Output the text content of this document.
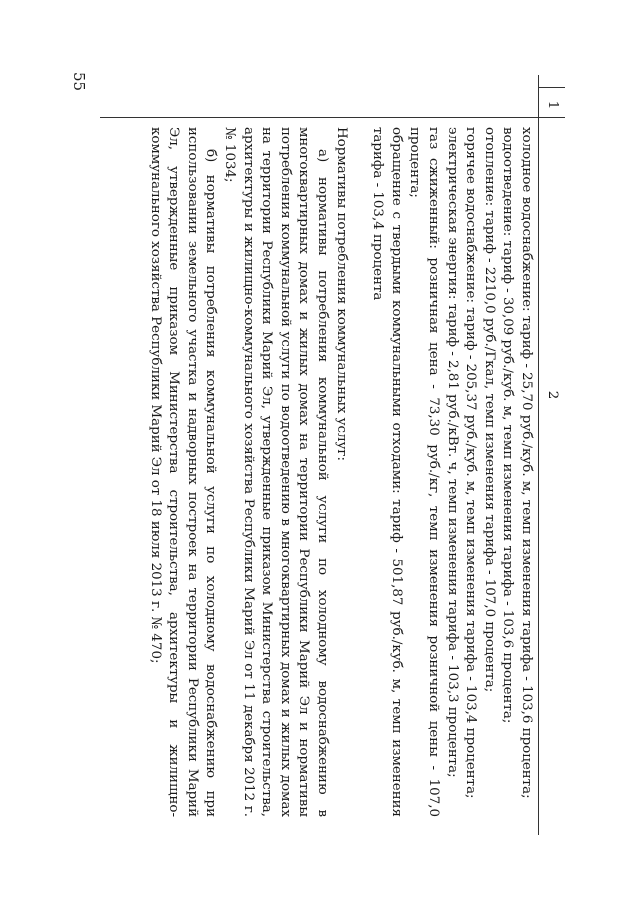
55
1
2

холодное водоснабжение: тариф - 25,70 руб./куб. м, темп изменения тарифа - 103,6 процента;

водоотведение: тариф - 30,09 руб./куб. м, темп изменения тарифа - 103,6 процента;

отопление: тариф - 2210,0 руб./Гкал, темп изменения тарифа - 107,0 процента;

горячее водоснабжение: тариф - 205,37 руб./куб. м, темп изменения тарифа - 103,4 процента;

электрическая энергия: тариф - 2,81 руб./кВт. ч, темп изменения тарифа - 103,3 процента;

газ сжиженный: розничная цена - 73,30 руб./кг, темп изменения розничной цены - 107,0 процента;

обращение с твердыми коммунальными отходами: тариф - 501,87 руб./куб. м, темп изменения тарифа - 103,4 процента

Нормативы потребления коммунальных услуг:

а) нормативы потребления коммунальной услуги по холодному водоснабжению в многоквартирных домах и жилых домах на территории Республики Марий Эл и нормативы потребления коммунальной услуги по водоотведению в многоквартирных домах и жилых домах на территории Республики Марий Эл, утвержденные приказом Министерства строительства, архитектуры и жилищно-коммунального хозяйства Республики Марий Эл от 11 декабря 2012 г. № 1034;

б) нормативы потребления коммунальной услуги по холодному водоснабжению при использовании земельного участка и надворных построек на территории Республики Марий Эл, утвержденные приказом Министерства строительства, архитектуры и жилищно-коммунального хозяйства Республики Марий Эл от 18 июля 2013 г. № 470;
